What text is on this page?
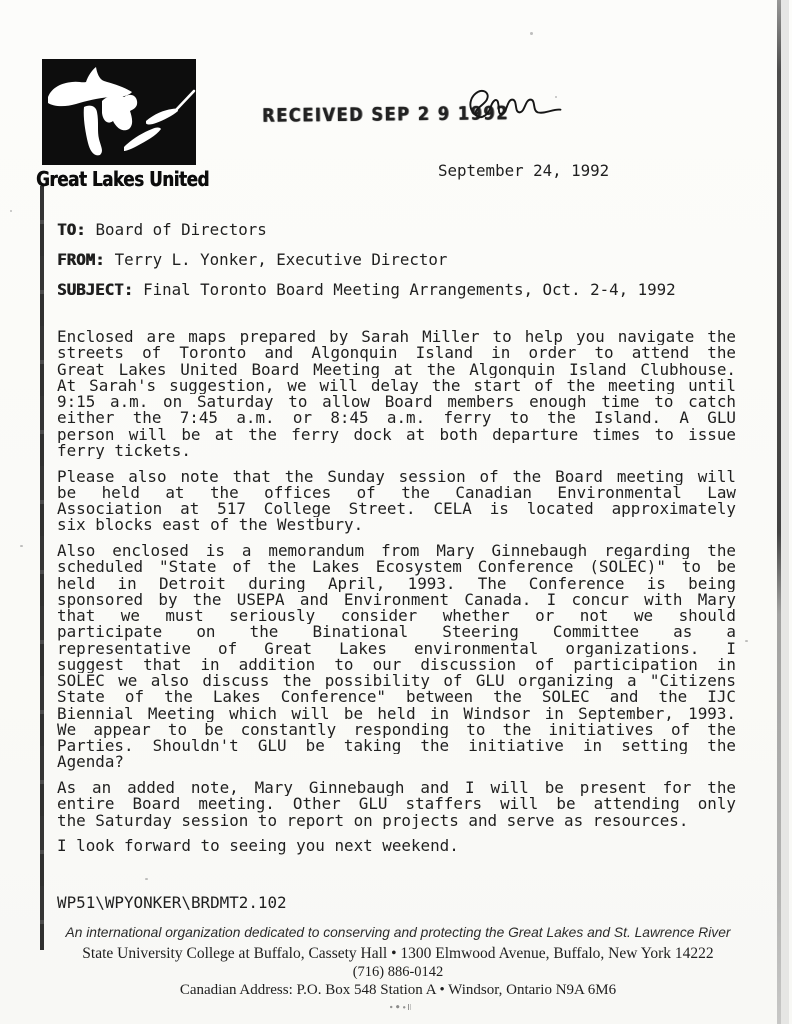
Great Lakes United
RECEIVED SEP 2 9 1992
September 24, 1992
TO: Board of Directors
FROM: Terry L. Yonker, Executive Director
SUBJECT: Final Toronto Board Meeting Arrangements, Oct. 2-4, 1992
Enclosed are maps prepared by Sarah Miller to help you navigate the
streets of Toronto and Algonquin Island in order to attend the
Great Lakes United Board Meeting at the Algonquin Island Clubhouse.
At Sarah's suggestion, we will delay the start of the meeting until
9:15 a.m. on Saturday to allow Board members enough time to catch
either the 7:45 a.m. or 8:45 a.m. ferry to the Island. A GLU
person will be at the ferry dock at both departure times to issue
ferry tickets.
Please also note that the Sunday session of the Board meeting will
be held at the offices of the Canadian Environmental Law
Association at 517 College Street. CELA is located approximately
six blocks east of the Westbury.
Also enclosed is a memorandum from Mary Ginnebaugh regarding the
scheduled "State of the Lakes Ecosystem Conference (SOLEC)" to be
held in Detroit during April, 1993. The Conference is being
sponsored by the USEPA and Environment Canada. I concur with Mary
that we must seriously consider whether or not we should
participate on the Binational Steering Committee as a
representative of Great Lakes environmental organizations. I
suggest that in addition to our discussion of participation in
SOLEC we also discuss the possibility of GLU organizing a "Citizens
State of the Lakes Conference" between the SOLEC and the IJC
Biennial Meeting which will be held in Windsor in September, 1993.
We appear to be constantly responding to the initiatives of the
Parties. Shouldn't GLU be taking the initiative in setting the
Agenda?
As an added note, Mary Ginnebaugh and I will be present for the
entire Board meeting. Other GLU staffers will be attending only
the Saturday session to report on projects and serve as resources.
I look forward to seeing you next weekend.
WP51\WPYONKER\BRDMT2.102
An international organization dedicated to conserving and protecting the Great Lakes and St. Lawrence River
State University College at Buffalo, Cassety Hall • 1300 Elmwood Avenue, Buffalo, New York 14222
(716) 886-0142
Canadian Address: P.O. Box 548 Station A • Windsor, Ontario N9A 6M6
